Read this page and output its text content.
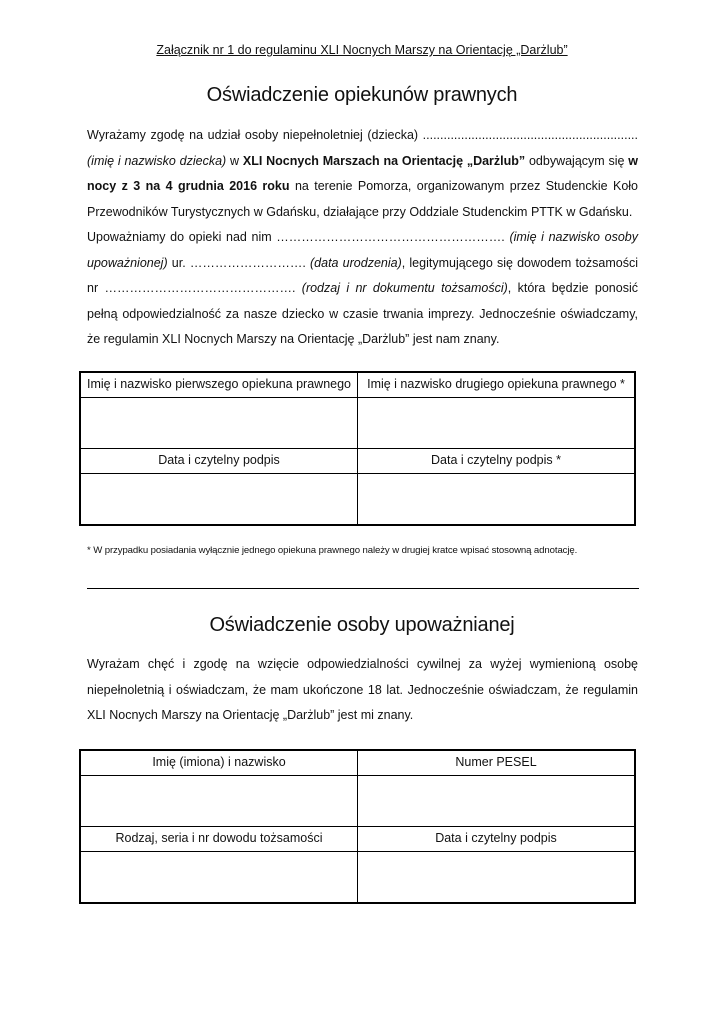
Załącznik nr 1 do regulaminu XLI Nocnych Marszy na Orientację „Darżlub”
Oświadczenie opiekunów prawnych
Wyrażamy zgodę na udział osoby niepełnoletniej (dziecka) .............................................................. (imię i nazwisko dziecka) w XLI Nocnych Marszach na Orientację „Darżlub” odbywającym się w nocy z 3 na 4 grudnia 2016 roku na terenie Pomorza, organizowanym przez Studenckie Koło Przewodników Turystycznych w Gdańsku, działające przy Oddziale Studenckim PTTK w Gdańsku.
Upoważniamy do opieki nad nim ………………………………………………. (imię i nazwisko osoby upoważnionej) ur. ………………………. (data urodzenia), legitymującego się dowodem tożsamości nr ………………………………………. (rodzaj i nr dokumentu tożsamości), która będzie ponosić pełną odpowiedzialność za nasze dziecko w czasie trwania imprezy. Jednocześnie oświadczamy, że regulamin XLI Nocnych Marszy na Orientację „Darżlub” jest nam znany.
Imię i nazwisko pierwszego opiekuna prawnego	Imię i nazwisko drugiego opiekuna prawnego *

Data i czytelny podpis	Data i czytelny podpis *

* W przypadku posiadania wyłącznie jednego opiekuna prawnego należy w drugiej kratce wpisać stosowną adnotację.
Oświadczenie osoby upoważnianej
Wyrażam chęć i zgodę na wzięcie odpowiedzialności cywilnej za wyżej wymienioną osobę niepełnoletnią i oświadczam, że mam ukończone 18 lat. Jednocześnie oświadczam, że regulamin XLI Nocnych Marszy na Orientację „Darżlub” jest mi znany.
Imię (imiona) i nazwisko	Numer PESEL

Rodzaj, seria i nr dowodu tożsamości	Data i czytelny podpis
